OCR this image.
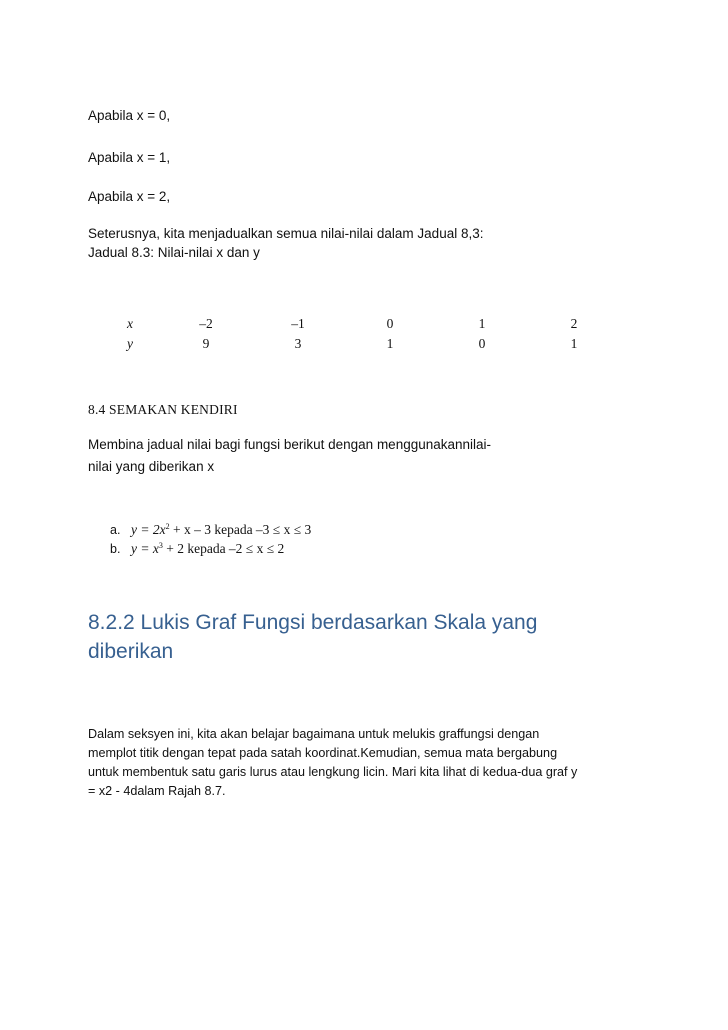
Apabila x = 0,
Apabila x = 1,
Apabila x = 2,
Seterusnya, kita menjadualkan semua nilai-nilai dalam Jadual 8,3:
Jadual 8.3: Nilai-nilai x dan y
x	–2	–1	0	1	2
y	9	3	1	0	1
8.4 SEMAKAN KENDIRI
Membina jadual nilai bagi fungsi berikut dengan menggunakannilai-
nilai yang diberikan x
a. $y = 2x^2 + x - 3$ kepada –3 ≤ x ≤ 3
b. $y = x^3 + 2$ kepada –2 ≤ x ≤ 2
8.2.2 Lukis Graf Fungsi berdasarkan Skala yang
diberikan

Dalam seksyen ini, kita akan belajar bagaimana untuk melukis graffungsi dengan
memplot titik dengan tepat pada satah koordinat.Kemudian, semua mata bergabung
untuk membentuk satu garis lurus atau lengkung licin. Mari kita lihat di kedua-dua graf y
= x2 - 4dalam Rajah 8.7.
